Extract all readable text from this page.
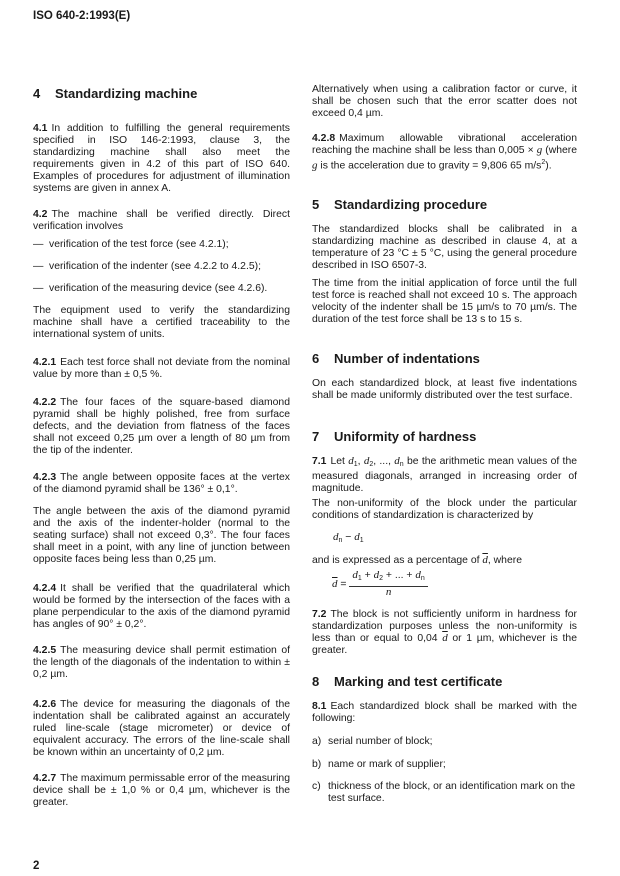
ISO 640-2:1993(E)
4 Standardizing machine
4.1 In addition to fulfilling the general requirements specified in ISO 146-2:1993, clause 3, the standardizing machine shall also meet the requirements given in 4.2 of this part of ISO 640. Examples of procedures for adjustment of illumination systems are given in annex A.
4.2 The machine shall be verified directly. Direct verification involves
— verification of the test force (see 4.2.1);
— verification of the indenter (see 4.2.2 to 4.2.5);
— verification of the measuring device (see 4.2.6).
The equipment used to verify the standardizing machine shall have a certified traceability to the international system of units.
4.2.1 Each test force shall not deviate from the nominal value by more than ± 0,5 %.
4.2.2 The four faces of the square-based diamond pyramid shall be highly polished, free from surface defects, and the deviation from flatness of the faces shall not exceed 0,25 µm over a length of 80 µm from the tip of the indenter.
4.2.3 The angle between opposite faces at the vertex of the diamond pyramid shall be 136° ± 0,1°.
The angle between the axis of the diamond pyramid and the axis of the indenter-holder (normal to the seating surface) shall not exceed 0,3°. The four faces shall meet in a point, with any line of junction between opposite faces being less than 0,25 µm.
4.2.4 It shall be verified that the quadrilateral which would be formed by the intersection of the faces with a plane perpendicular to the axis of the diamond pyramid has angles of 90° ± 0,2°.
4.2.5 The measuring device shall permit estimation of the length of the diagonals of the indentation to within ± 0,2 µm.
4.2.6 The device for measuring the diagonals of the indentation shall be calibrated against an accurately ruled line-scale (stage micrometer) or device of equivalent accuracy. The errors of the line-scale shall be known within an uncertainty of 0,2 µm.
4.2.7 The maximum permissable error of the measuring device shall be ± 1,0 % or 0,4 µm, whichever is the greater.
Alternatively when using a calibration factor or curve, it shall be chosen such that the error scatter does not exceed 0,4 µm.
4.2.8 Maximum allowable vibrational acceleration reaching the machine shall be less than 0,005 × g (where g is the acceleration due to gravity = 9,806 65 $m/s^2$).
5 Standardizing procedure
The standardized blocks shall be calibrated in a standardizing machine as described in clause 4, at a temperature of 23 °C ± 5 °C, using the general procedure described in ISO 6507-3.
The time from the initial application of force until the full test force is reached shall not exceed 10 s. The approach velocity of the indenter shall be 15 µm/s to 70 µm/s. The duration of the test force shall be 13 s to 15 s.
6 Number of indentations
On each standardized block, at least five indentations shall be made uniformly distributed over the test surface.
7 Uniformity of hardness
7.1 Let $d_1$, $d_2$, ..., $d_n$ be the arithmetic mean values of the measured diagonals, arranged in increasing order of magnitude.
The non-uniformity of the block under the particular conditions of standardization is characterized by
$d_n - d_1$
and is expressed as a percentage of $\overline{d}$, where
$\overline{d} = \frac{d_1 + d_2 + ... + d_n}{n}$
7.2 The block is not sufficiently uniform in hardness for standardization purposes unless the non-uniformity is less than or equal to 0,04 $\overline{d}$ or 1 µm, whichever is the greater.
8 Marking and test certificate
8.1 Each standardized block shall be marked with the following:
a) serial number of block;
b) name or mark of supplier;
c) thickness of the block, or an identification mark on the test surface.
2
